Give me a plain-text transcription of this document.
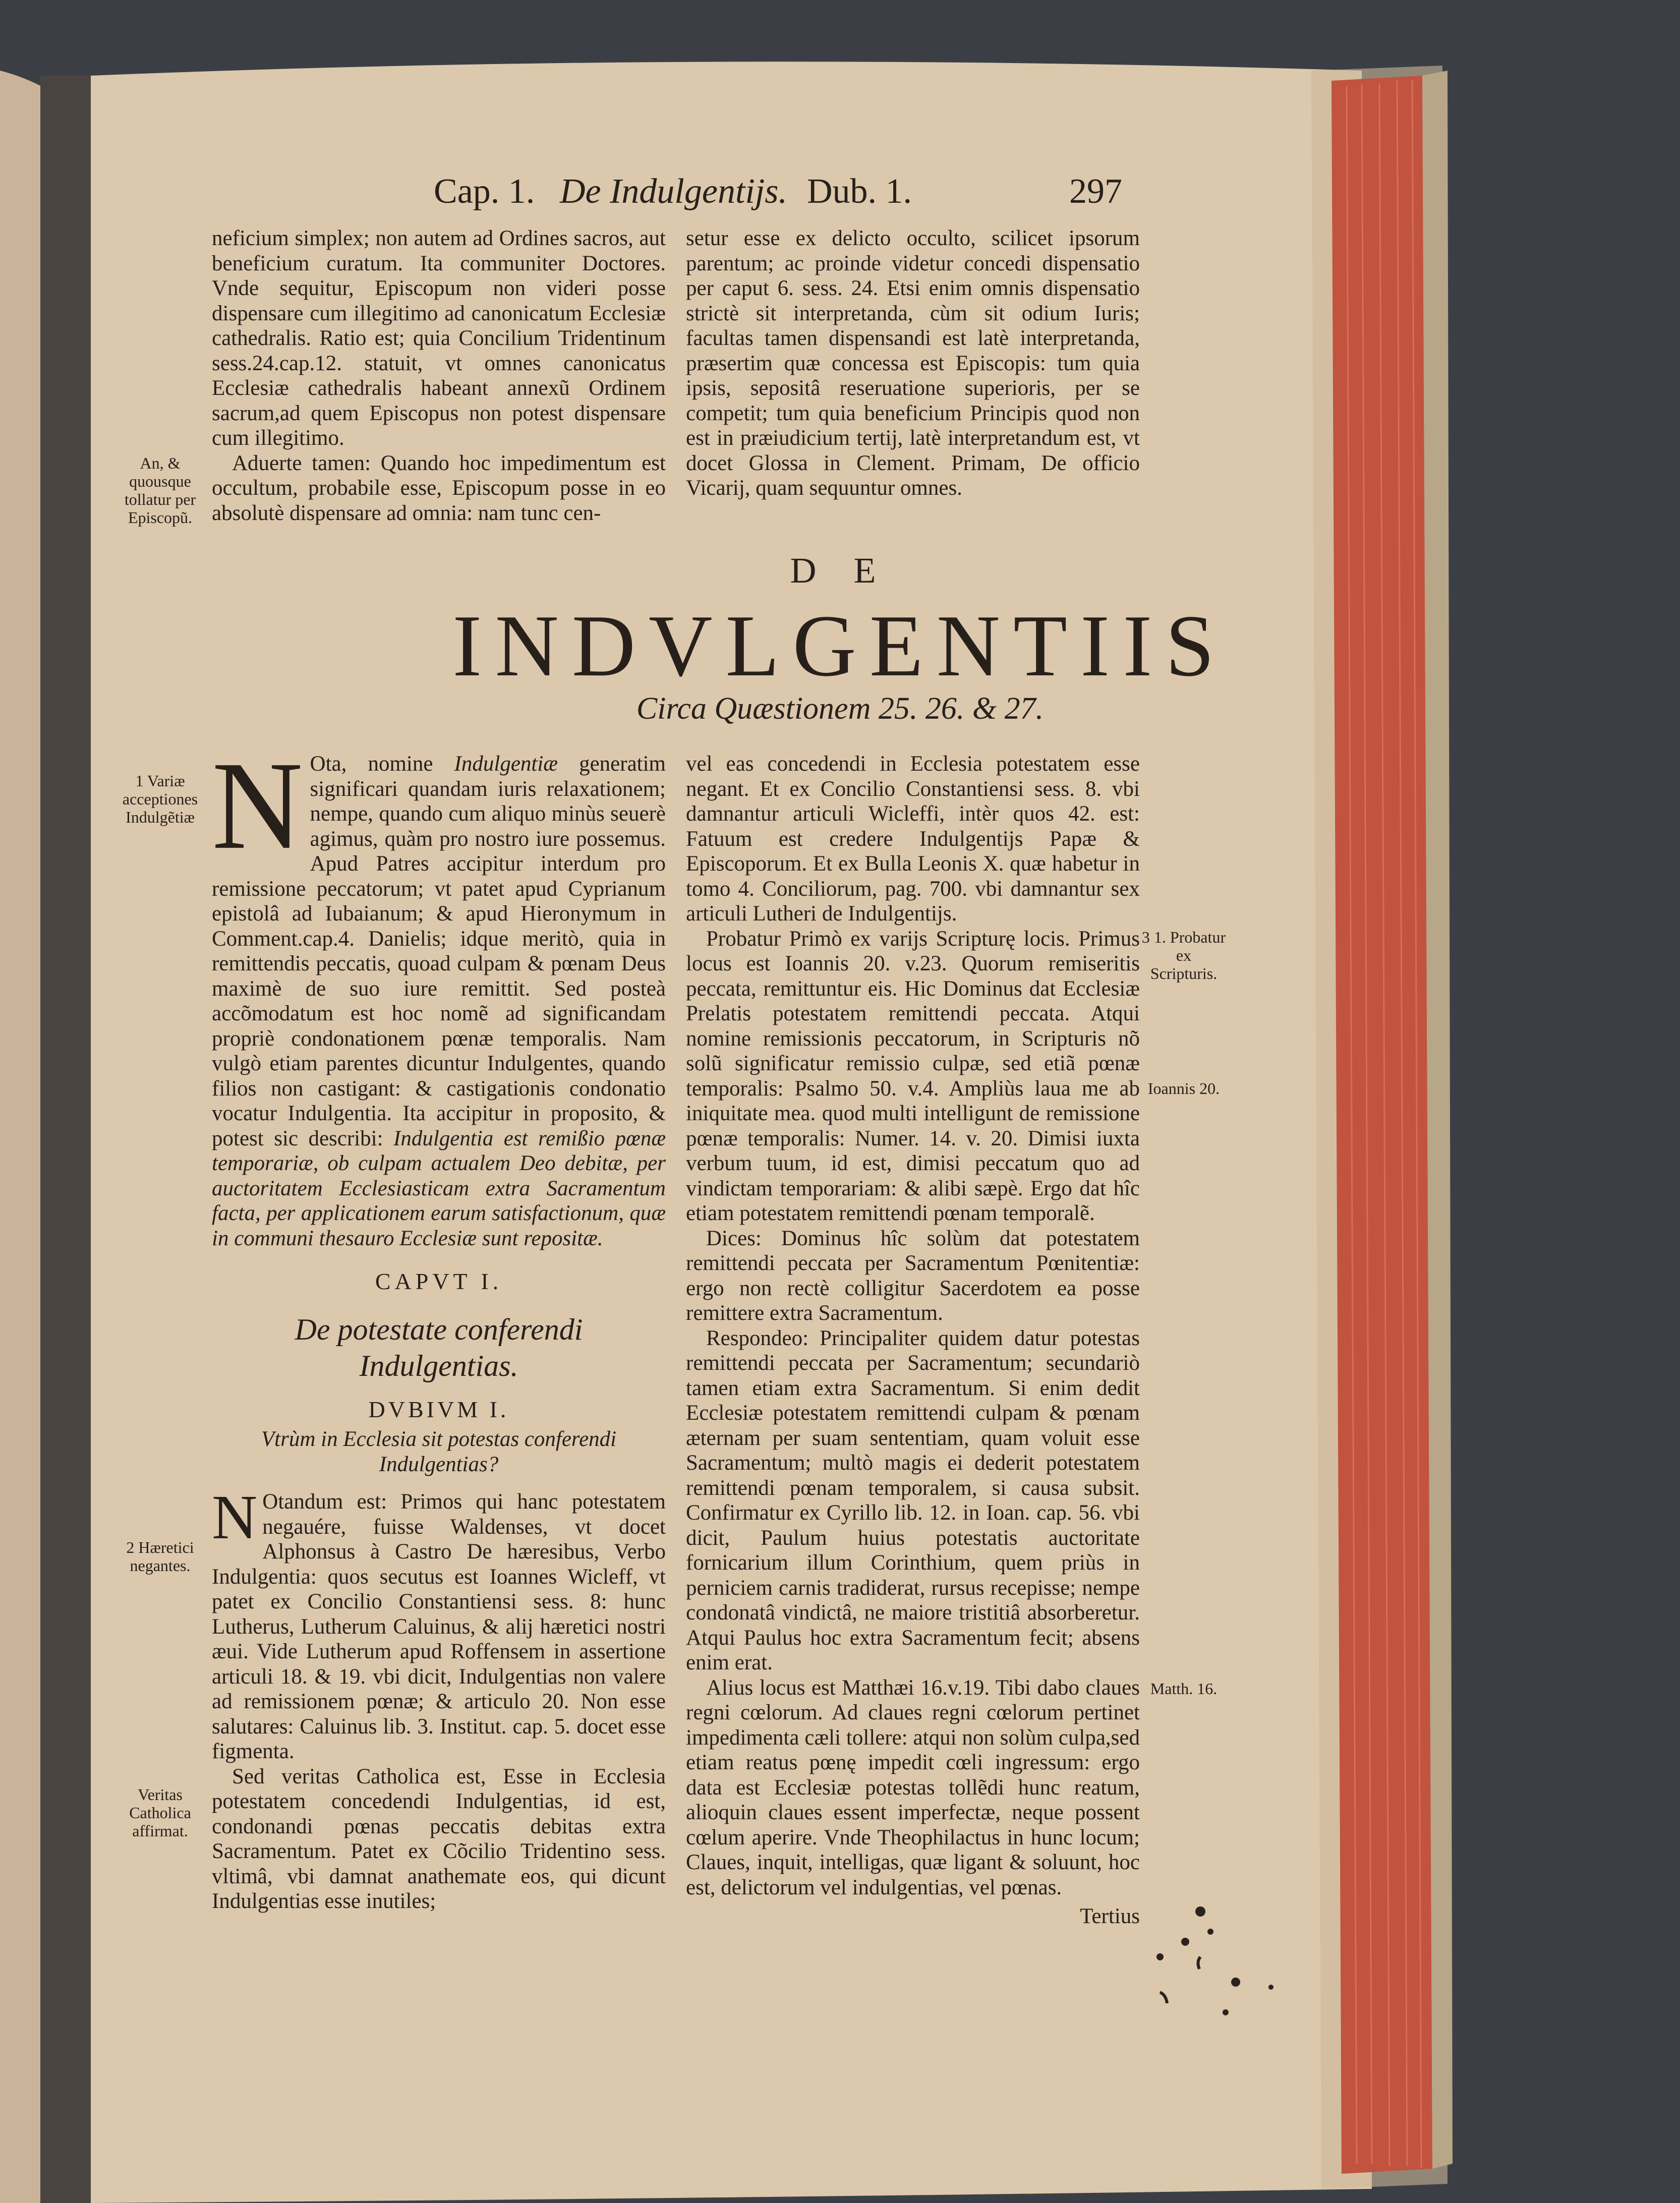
Cap. 1. De Indulgentijs. Dub. 1.	297

neficium simplex; non autem ad Ordines sacros, aut beneficium curatum. Ita communiter Doctores. Vnde sequitur, Episcopum non videri posse dispensare cum illegitimo ad canonicatum Ecclesiæ cathedralis. Ratio est; quia Concilium Tridentinum sess.24.cap.12. statuit, vt omnes canonicatus Ecclesiæ cathedralis habeant annexũ Ordinem sacrum,ad quem Episcopus non potest dispensare cum illegitimo.

Aduerte tamen: Quando hoc impedimentum est occultum, probabile esse, Episcopum posse in eo absolutè dispensare ad omnia: nam tunc cen-

setur esse ex delicto occulto, scilicet ipsorum parentum; ac proinde videtur concedi dispensatio per caput 6. sess. 24. Etsi enim omnis dispensatio strictè sit interpretanda, cùm sit odium Iuris; facultas tamen dispensandi est latè interpretanda, præsertim quæ concessa est Episcopis: tum quia ipsis, sepositâ reseruatione superioris, per se competit; tum quia beneficium Principis quod non est in præiudicium tertij, latè interpretandum est, vt docet Glossa in Clement. Primam, De officio Vicarij, quam sequuntur omnes.

An, & quousque tollatur per Episcopũ.
D E
INDVLGENTIIS
Circa Quæstionem 25. 26. & 27.
N Ota, nomine Indulgentiæ generatim significari quandam iuris relaxationem; nempe, quando cum aliquo minùs seuerè agimus, quàm pro nostro iure possemus. Apud Patres accipitur interdum pro remissione peccatorum; vt patet apud Cyprianum epistolâ ad Iubaianum; & apud Hieronymum in Comment.cap.4. Danielis; idque meritò, quia in remittendis peccatis, quoad culpam & pœnam Deus maximè de suo iure remittit. Sed posteà accõmodatum est hoc nomẽ ad significandam propriè condonationem pœnæ temporalis. Nam vulgò etiam parentes dicuntur Indulgentes, quando filios non castigant: & castigationis condonatio vocatur Indulgentia. Ita accipitur in proposito, & potest sic describi: Indulgentia est remißio pœnæ temporariæ, ob culpam actualem Deo debitæ, per auctoritatem Ecclesiasticam extra Sacramentum facta, per applicationem earum satisfactionum, quæ in communi thesauro Ecclesiæ sunt repositæ.
CAPVT I.
De potestate conferendi Indulgentias.
DVBIVM I.
Vtrùm in Ecclesia sit potestas conferendi Indulgentias?
N Otandum est: Primos qui hanc potestatem negauére, fuisse Waldenses, vt docet Alphonsus à Castro De hæresibus, Verbo Indulgentia: quos secutus est Ioannes Wicleff, vt patet ex Concilio Constantiensi sess. 8: hunc Lutherus, Lutherum Caluinus, & alij hæretici nostri æui. Vide Lutherum apud Roffensem in assertione articuli 18. & 19. vbi dicit, Indulgentias non valere ad remissionem pœnæ; & articulo 20. Non esse salutares: Caluinus lib. 3. Institut. cap. 5. docet esse figmenta.

Sed veritas Catholica est, Esse in Ecclesia potestatem concedendi Indulgentias, id est, condonandi pœnas peccatis debitas extra Sacramentum. Patet ex Cõcilio Tridentino sess. vltimâ, vbi damnat anathemate eos, qui dicunt Indulgentias esse inutiles;

1 Variæ acceptiones Indulgẽtiæ
2 Hæretici negantes.
Veritas Catholica affirmat.

vel eas concedendi in Ecclesia potestatem esse negant. Et ex Concilio Constantiensi sess. 8. vbi damnantur articuli Wicleffi, intèr quos 42. est: Fatuum est credere Indulgentijs Papæ & Episcoporum. Et ex Bulla Leonis X. quæ habetur in tomo 4. Conciliorum, pag. 700. vbi damnantur sex articuli Lutheri de Indulgentijs.

Probatur Primò ex varijs Scripturę locis. Primus locus est Ioannis 20. v.23. Quorum remiseritis peccata, remittuntur eis. Hic Dominus dat Ecclesiæ Prelatis potestatem remittendi peccata. Atqui nomine remissionis peccatorum, in Scripturis nõ solũ significatur remissio culpæ, sed etiã pœnæ temporalis: Psalmo 50. v.4. Ampliùs laua me ab iniquitate mea. quod multi intelligunt de remissione pœnæ temporalis: Numer. 14. v. 20. Dimisi iuxta verbum tuum, id est, dimisi peccatum quo ad vindictam temporariam: & alibi sæpè. Ergo dat hîc etiam potestatem remittendi pœnam temporalẽ.

Dices: Dominus hîc solùm dat potestatem remittendi peccata per Sacramentum Pœnitentiæ: ergo non rectè colligitur Sacerdotem ea posse remittere extra Sacramentum.

Respondeo: Principaliter quidem datur potestas remittendi peccata per Sacramentum; secundariò tamen etiam extra Sacramentum. Si enim dedit Ecclesiæ potestatem remittendi culpam & pœnam æternam per suam sententiam, quam voluit esse Sacramentum; multò magis ei dederit potestatem remittendi pœnam temporalem, si causa subsit. Confirmatur ex Cyrillo lib. 12. in Ioan. cap. 56. vbi dicit, Paulum huius potestatis auctoritate fornicarium illum Corinthium, quem priùs in perniciem carnis tradiderat, rursus recepisse; nempe condonatâ vindictâ, ne maiore tristitiâ absorberetur. Atqui Paulus hoc extra Sacramentum fecit; absens enim erat.

Alius locus est Matthæi 16.v.19. Tibi dabo claues regni cœlorum. Ad claues regni cœlorum pertinet impedimenta cæli tollere: atqui non solùm culpa,sed etiam reatus pœnę impedit cœli ingressum: ergo data est Ecclesiæ potestas tollẽdi hunc reatum, alioquin claues essent imperfectæ, neque possent cœlum aperire. Vnde Theophilactus in hunc locum; Claues, inquit, intelligas, quæ ligant & soluunt, hoc est, delictorum vel indulgentias, vel pœnas.

Tertius
3 1. Probatur ex Scripturis.
Ioannis 20.
Matth. 16.
